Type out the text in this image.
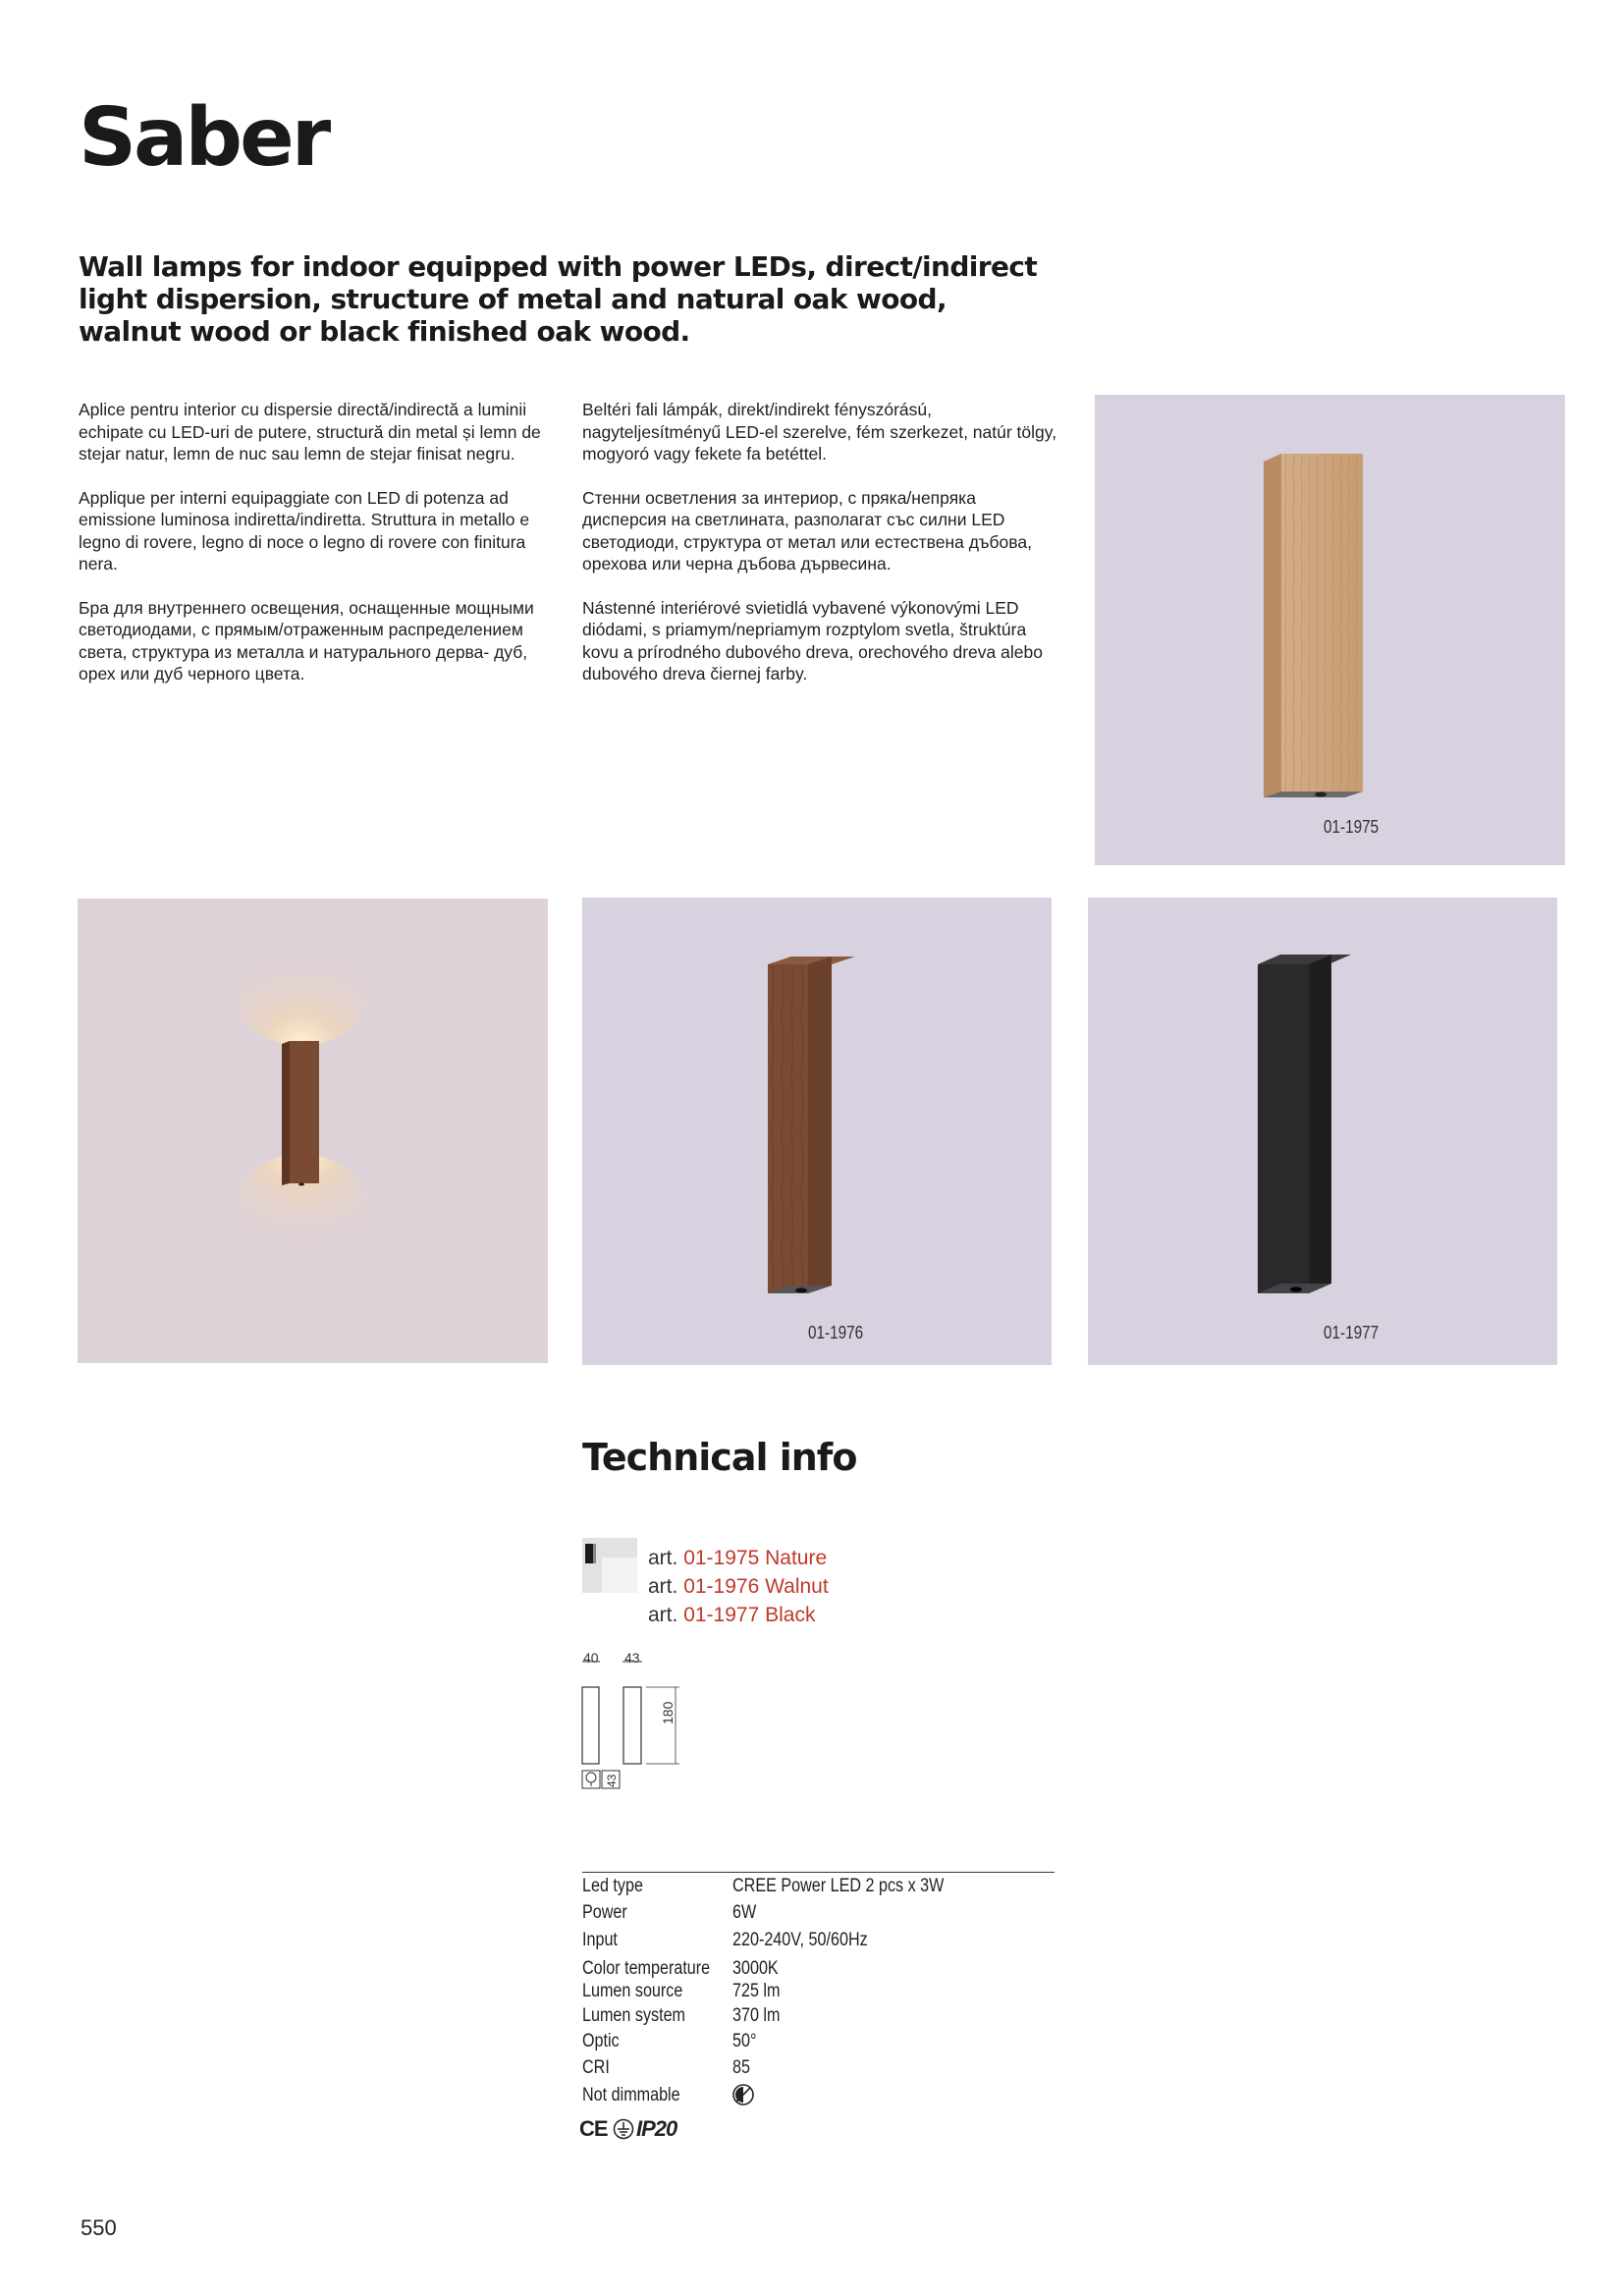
Saber
Wall lamps for indoor equipped with power LEDs, direct/indirect light dispersion, structure of metal and natural oak wood, walnut wood or black finished oak wood.

Aplice pentru interior cu dispersie directă/indirectă a luminii echipate cu LED-uri de putere, structură din metal și lemn de stejar natur, lemn de nuc sau lemn de stejar finisat negru.

Applique per interni equipaggiate con LED di potenza ad emissione luminosa indiretta/indiretta. Struttura in metallo e legno di rovere, legno di noce o legno di rovere con finitura nera.

Бра для внутреннего освещения, оснащенные мощными светодиодами, с прямым/отраженным распределением света, структура из металла и натурального дерва- дуб, орех или дуб черного цвета.

Beltéri fali lámpák, direkt/indirekt fényszórású, nagyteljesítményű LED-el szerelve, fém szerkezet, natúr tölgy, mogyoró vagy fekete fa betéttel.

Стенни осветления за интериор, с пряка/непряка дисперсия на светлината, разполагат със силни LED светодиоди, структура от метал или естествена дъбова, орехова или черна дъбова дървесина.

Nástenné interiérové svietidlá vybavené výkonovými LED diódami, s priamym/nepriamym rozptylom svetla, štruktúra kovu a prírodného dubového dreva, orechového dreva alebo dubového dreva čiernej farby.

01-1975
01-1976	01-1977
Technical info
art. 01-1975 Nature
art. 01-1976 Walnut
art. 01-1977 Black
40 43
180
43
Led type	CREE Power LED 2 pcs x 3W
Power	6W
Input	220-240V, 50/60Hz
Color temperature 3000K
Lumen source	725 lm
Lumen system	370 lm
Optic	50°
CRI	85
Not dimmable
CE IP20
550
